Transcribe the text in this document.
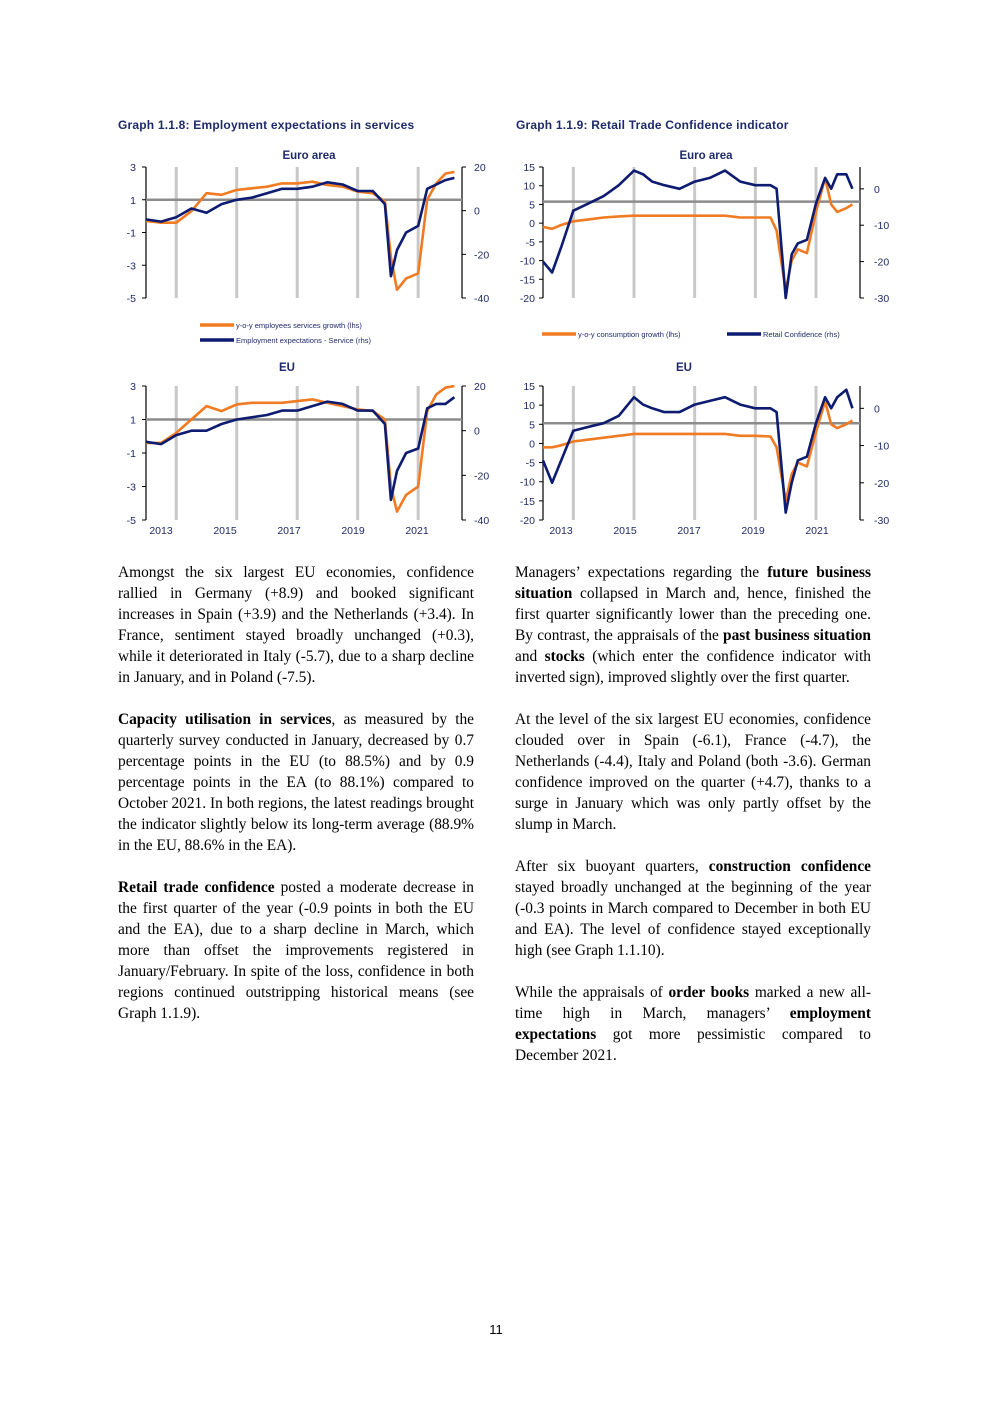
Graph 1.1.8: Employment expectations in services	Graph 1.1.9: Retail Trade Confidence indicator
Euro area
3
1
-1
-3
-5
20
0
-20
-40
EU
3
1
-1
-3
-5
20
0
-20
-40
Euro area
15
10
5
0
-5
-10
-15
-20
0
-10
-20
-30
EU
15
10
5
0
-5
-10
-15
-20
0
-10
-20
-30
y-o-y employees services growth (lhs)
Employment expectations - Service (rhs)
y-o-y consumption growth (lhs)	Retail Confidence (rhs)
2013	2015	2017	2019	2021	2013	2015	2017	2019	2021

Amongst the six largest EU economies, confidence rallied in Germany (+8.9) and booked significant increases in Spain (+3.9) and the Netherlands (+3.4). In France, sentiment stayed broadly unchanged (+0.3), while it deteriorated in Italy (-5.7), due to a sharp decline in January, and in Poland (-7.5).

Capacity utilisation in services, as measured by the quarterly survey conducted in January, decreased by 0.7 percentage points in the EU (to 88.5%) and by 0.9 percentage points in the EA (to 88.1%) compared to October 2021. In both regions, the latest readings brought the indicator slightly below its long-term average (88.9% in the EU, 88.6% in the EA).

Retail trade confidence posted a moderate decrease in the first quarter of the year (-0.9 points in both the EU and the EA), due to a sharp decline in March, which more than offset the improvements registered in January/February. In spite of the loss, confidence in both regions continued outstripping historical means (see Graph 1.1.9).

Managers’ expectations regarding the future business situation collapsed in March and, hence, finished the first quarter significantly lower than the preceding one. By contrast, the appraisals of the past business situation and stocks (which enter the confidence indicator with inverted sign), improved slightly over the first quarter.

At the level of the six largest EU economies, confidence clouded over in Spain (-6.1), France (-4.7), the Netherlands (-4.4), Italy and Poland (both -3.6). German confidence improved on the quarter (+4.7), thanks to a surge in January which was only partly offset by the slump in March.

After six buoyant quarters, construction confidence stayed broadly unchanged at the beginning of the year (-0.3 points in March compared to December in both EU and EA). The level of confidence stayed exceptionally high (see Graph 1.1.10).

While the appraisals of order books marked a new all-time high in March, managers’ employment expectations got more pessimistic compared to December 2021.

11
